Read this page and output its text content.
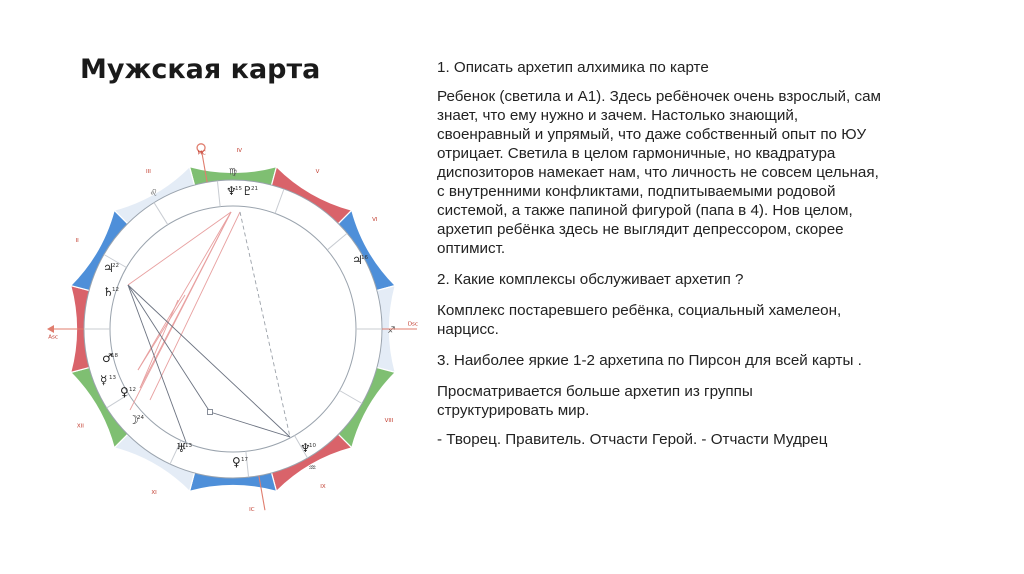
Мужская карта
♍
♐
♒
♌
Asc
II
III
IV
V
VI
Dsc
VIII
IX
MC
XI
XII
IC
♆
15 ♇
21
♃
22
♄
12
♂
18
☿ 13
♀ 12
☽
24
♅
13
♀ 17
♆
10
♃
16

1. Описать архетип алхимика по карте

Ребенок (светила и А1). Здесь ребёночек очень взрослый, сам
знает, что ему нужно и зачем. Настолько знающий,
своенравный и упрямый, что даже собственный опыт по ЮУ
отрицает. Светила в целом гармоничные, но квадратура
диспозиторов намекает нам, что личность не совсем цельная,
с внутренними конфликтами, подпитываемыми родовой
системой, а также папиной фигурой (папа в 4). Нов целом,
архетип ребёнка здесь не выглядит депрессором, скорее
оптимист.

2. Какие комплексы обслуживает архетип ?

Комплекс постаревшего ребёнка, социальный хамелеон,
нарцисс.

3. Наиболее яркие 1-2 архетипа по Пирсон для всей карты .

Просматривается больше архетип из группы
структурировать мир.

- Творец. Правитель. Отчасти Герой. - Отчасти Мудрец
